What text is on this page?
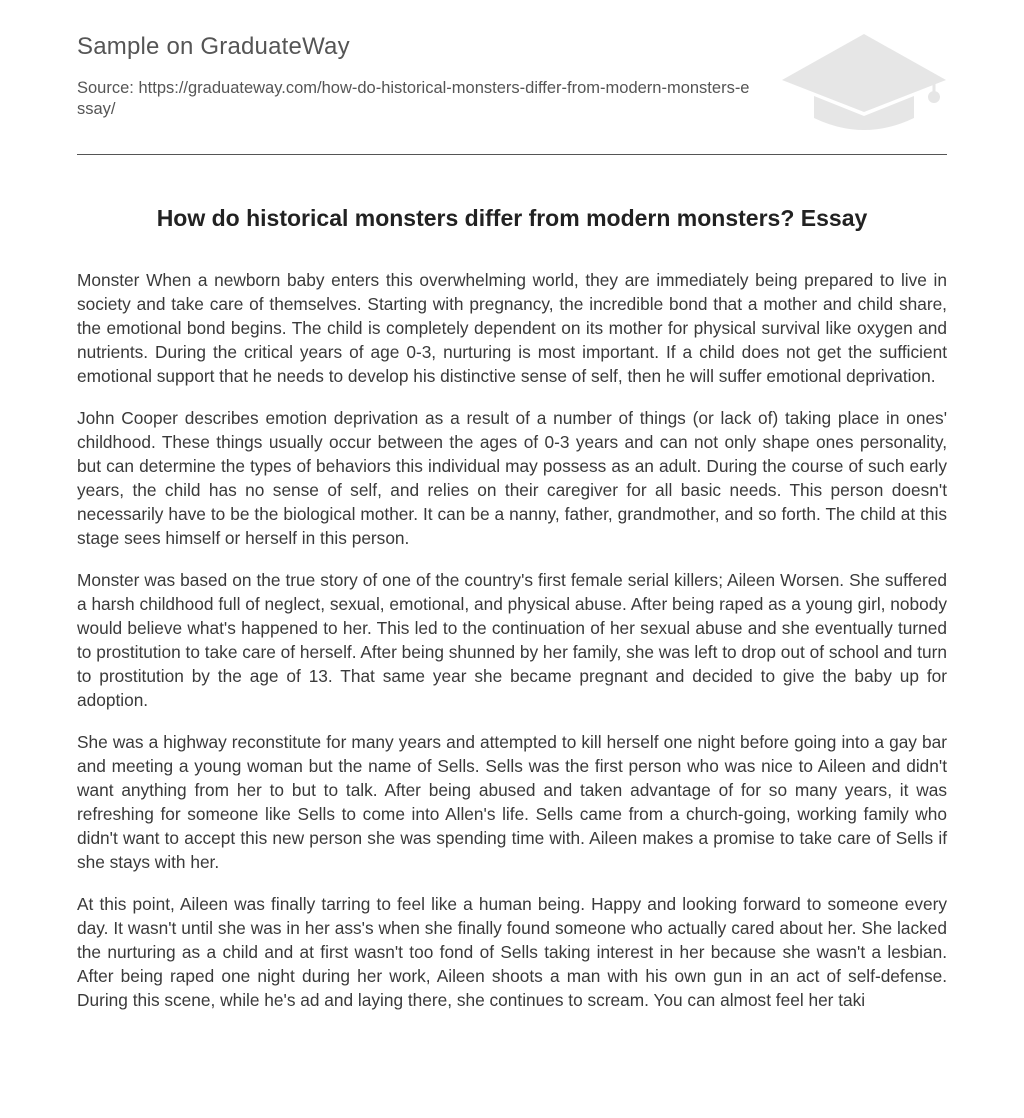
Sample on GraduateWay
Source: https://graduateway.com/how-do-historical-monsters-differ-from-modern-monsters-essay/
How do historical monsters differ from modern monsters? Essay

Monster When a newborn baby enters this overwhelming world, they are immediately being prepared to live in society and take care of themselves. Starting with pregnancy, the incredible bond that a mother and child share, the emotional bond begins. The child is completely dependent on its mother for physical survival like oxygen and nutrients. During the critical years of age 0-3, nurturing is most important. If a child does not get the sufficient emotional support that he needs to develop his distinctive sense of self, then he will suffer emotional deprivation.

John Cooper describes emotion deprivation as a result of a number of things (or lack of) taking place in ones' childhood. These things usually occur between the ages of 0-3 years and can not only shape ones personality, but can determine the types of behaviors this individual may possess as an adult. During the course of such early years, the child has no sense of self, and relies on their caregiver for all basic needs. This person doesn't necessarily have to be the biological mother. It can be a nanny, father, grandmother, and so forth. The child at this stage sees himself or herself in this person.

Monster was based on the true story of one of the country's first female serial killers; Aileen Worsen. She suffered a harsh childhood full of neglect, sexual, emotional, and physical abuse. After being raped as a young girl, nobody would believe what's happened to her. This led to the continuation of her sexual abuse and she eventually turned to prostitution to take care of herself. After being shunned by her family, she was left to drop out of school and turn to prostitution by the age of 13. That same year she became pregnant and decided to give the baby up for adoption.

She was a highway reconstitute for many years and attempted to kill herself one night before going into a gay bar and meeting a young woman but the name of Sells. Sells was the first person who was nice to Aileen and didn't want anything from her to but to talk. After being abused and taken advantage of for so many years, it was refreshing for someone like Sells to come into Allen's life. Sells came from a church-going, working family who didn't want to accept this new person she was spending time with. Aileen makes a promise to take care of Sells if she stays with her.

At this point, Aileen was finally tarring to feel like a human being. Happy and looking forward to someone every day. It wasn't until she was in her ass's when she finally found someone who actually cared about her. She lacked the nurturing as a child and at first wasn't too fond of Sells taking interest in her because she wasn't a lesbian. After being raped one night during her work, Aileen shoots a man with his own gun in an act of self-defense. During this scene, while he's ad and laying there, she continues to scream. You can almost feel her taki
